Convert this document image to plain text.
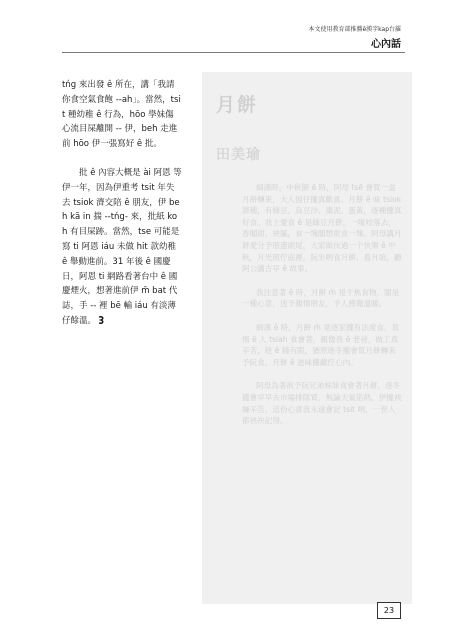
本文使用教育部推薦ê漢字kap台羅
心內話

tńg 來出發 ê 所在，講「我請你食空氣食飽 --ah」。當然，tsit 種幼稚 ê 行為，hōo 學妹傷心流目屎離開 -- 伊，beh 走進前 hōo 伊一張寫好 ê 批。

批 ê 內容大概是 ài 阿恩 等伊一年，因為伊重考 tsit 年失去 tsiok 濟交陪 ê 朋友，伊 beh kā in 揣 --tńg- 來，批紙 koh 有目屎跡。當然，tse 可能是寫 ti 阿恩 iáu 未做 hit 款幼稚 ê 舉動進前。31 年後 ê 國慶日，阿恩 ti 網路看著台中 ê 國慶煙火，想著進前伊 m̄ bat 代誌，手 -- 裡 bē 輸 iáu 有淡薄仔餘溫。

月餅
田美瑜

細漢時，中秋節 ê 時，阿母 tsē 會買一盒月餅轉來，大人囡仔攏真歡喜。月餅 ê 味 tsiok 濟種，有綠豆、烏豆沙、棗泥、蛋黃，逐種攏真好食。我上愛食 ê 是綠豆月餅，一喙咬落去，香閣甜，袂膩，食一塊閣想欲食一塊。阿母講月餅愛分予厝邊頭尾，大家做伙過一个快樂 ê 中秋，月光照佇庭裡，阮坐咧食月餅、看月娘，聽阿公講古早 ê 故事。

我注意著 ê 時，月餅 m̄ 是干焦食物，閣是一種心意，送予親情朋友，予人感覺溫暖。

細漢 ê 時，月餅 m̄ 是逐家攏有法度食，貧惰 ê 人 tsiah 食會著，親像我 ê 老爸，做工真辛苦，趁 ê 錢有限，猶原逐冬攏會買月餅轉來予阮食，月餅 ê 滋味攏藏佇心內。

阿母為著欲予阮兄弟姊妹食會著月餅，逐冬攏會早早去市場排隊買，無論天氣偌熱，伊攏袂嫌辛苦，這份心意我永遠會記 tsit 咧，一世人都袂袂記得。

23
